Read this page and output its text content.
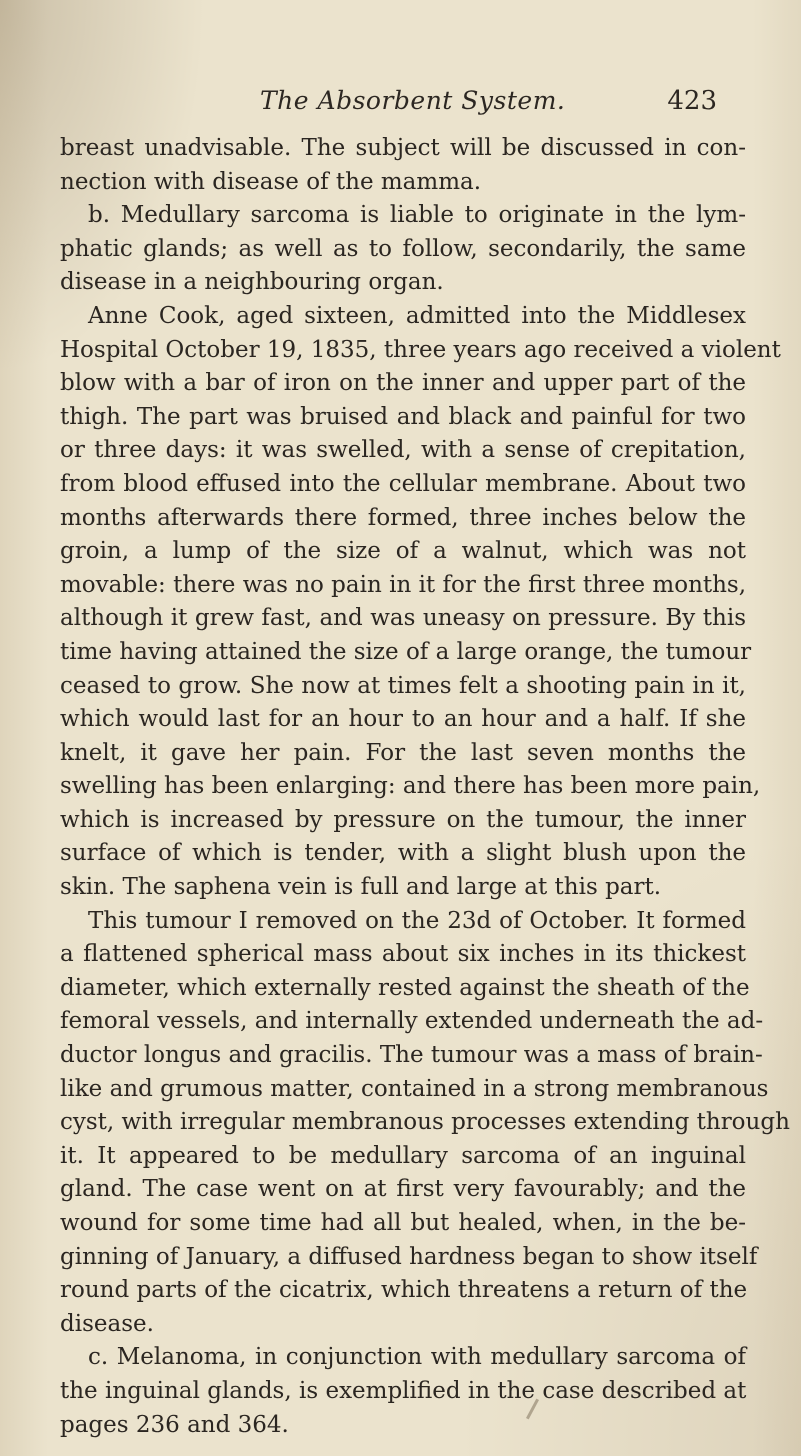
The Absorbent System.	423
breast unadvisable. The subject will be discussed in con-
nection with disease of the mamma.
b. Medullary sarcoma is liable to originate in the lym-
phatic glands; as well as to follow, secondarily, the same
disease in a neighbouring organ.
Anne Cook, aged sixteen, admitted into the Middlesex
Hospital October 19, 1835, three years ago received a violent
blow with a bar of iron on the inner and upper part of the
thigh. The part was bruised and black and painful for two
or three days: it was swelled, with a sense of crepitation,
from blood effused into the cellular membrane. About two
months afterwards there formed, three inches below the
groin, a lump of the size of a walnut, which was not
movable: there was no pain in it for the first three months,
although it grew fast, and was uneasy on pressure. By this
time having attained the size of a large orange, the tumour
ceased to grow. She now at times felt a shooting pain in it,
which would last for an hour to an hour and a half. If she
knelt, it gave her pain. For the last seven months the
swelling has been enlarging: and there has been more pain,
which is increased by pressure on the tumour, the inner
surface of which is tender, with a slight blush upon the
skin. The saphena vein is full and large at this part.
This tumour I removed on the 23d of October. It formed
a flattened spherical mass about six inches in its thickest
diameter, which externally rested against the sheath of the
femoral vessels, and internally extended underneath the ad-
ductor longus and gracilis. The tumour was a mass of brain-
like and grumous matter, contained in a strong membranous
cyst, with irregular membranous processes extending through
it. It appeared to be medullary sarcoma of an inguinal
gland. The case went on at first very favourably; and the
wound for some time had all but healed, when, in the be-
ginning of January, a diffused hardness began to show itself
round parts of the cicatrix, which threatens a return of the
disease.
c. Melanoma, in conjunction with medullary sarcoma of
the inguinal glands, is exemplified in the case described at
pages 236 and 364.
